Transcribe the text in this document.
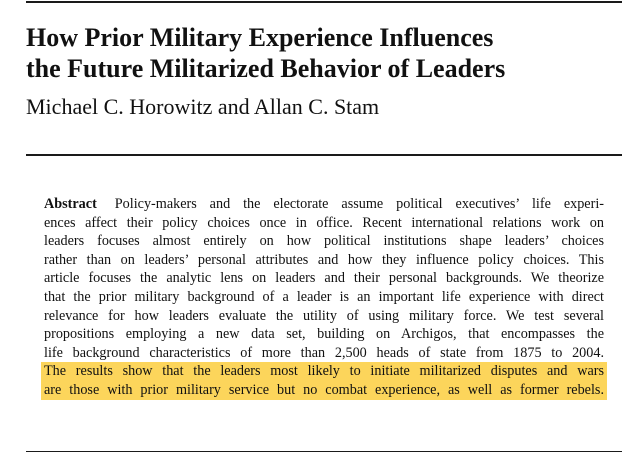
How Prior Military Experience Influences
the Future Militarized Behavior of Leaders

Michael C. Horowitz and Allan C. Stam

Abstract Policy-makers and the electorate assume political executives’ life experi-
ences affect their policy choices once in office. Recent international relations work on
leaders focuses almost entirely on how political institutions shape leaders’ choices
rather than on leaders’ personal attributes and how they influence policy choices. This
article focuses the analytic lens on leaders and their personal backgrounds. We theorize
that the prior military background of a leader is an important life experience with direct
relevance for how leaders evaluate the utility of using military force. We test several
propositions employing a new data set, building on Archigos, that encompasses the
life background characteristics of more than 2,500 heads of state from 1875 to 2004.
The results show that the leaders most likely to initiate militarized disputes and wars
are those with prior military service but no combat experience, as well as former rebels.
